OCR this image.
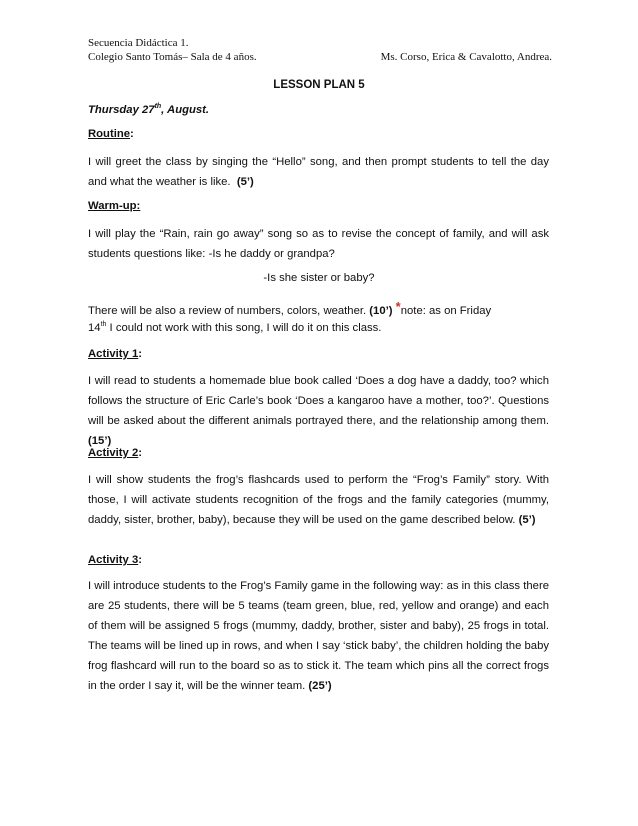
Secuencia Didáctica 1.
Colegio Santo Tomás– Sala de 4 años.	Ms. Corso, Erica & Cavalotto, Andrea.
LESSON PLAN 5
Thursday 27th, August.
Routine:
I will greet the class by singing the “Hello” song, and then prompt students to tell the day and what the weather is like. (5’)
Warm-up:
I will play the “Rain, rain go away” song so as to revise the concept of family, and will ask students questions like: -Is he daddy or grandpa?
-Is she sister or baby?
There will be also a review of numbers, colors, weather. (10’) *note: as on Friday
14th I could not work with this song, I will do it on this class.
Activity 1:
I will read to students a homemade blue book called ‘Does a dog have a daddy, too? which follows the structure of Eric Carle’s book ‘Does a kangaroo have a mother, too?’. Questions will be asked about the different animals portrayed there, and the relationship among them. (15’)
Activity 2:
I will show students the frog’s flashcards used to perform the “Frog’s Family” story. With those, I will activate students recognition of the frogs and the family categories (mummy, daddy, sister, brother, baby), because they will be used on the game described below. (5’)
Activity 3:
I will introduce students to the Frog’s Family game in the following way: as in this class there are 25 students, there will be 5 teams (team green, blue, red, yellow and orange) and each of them will be assigned 5 frogs (mummy, daddy, brother, sister and baby), 25 frogs in total. The teams will be lined up in rows, and when I say ‘stick baby’, the children holding the baby frog flashcard will run to the board so as to stick it. The team which pins all the correct frogs in the order I say it, will be the winner team. (25’)
